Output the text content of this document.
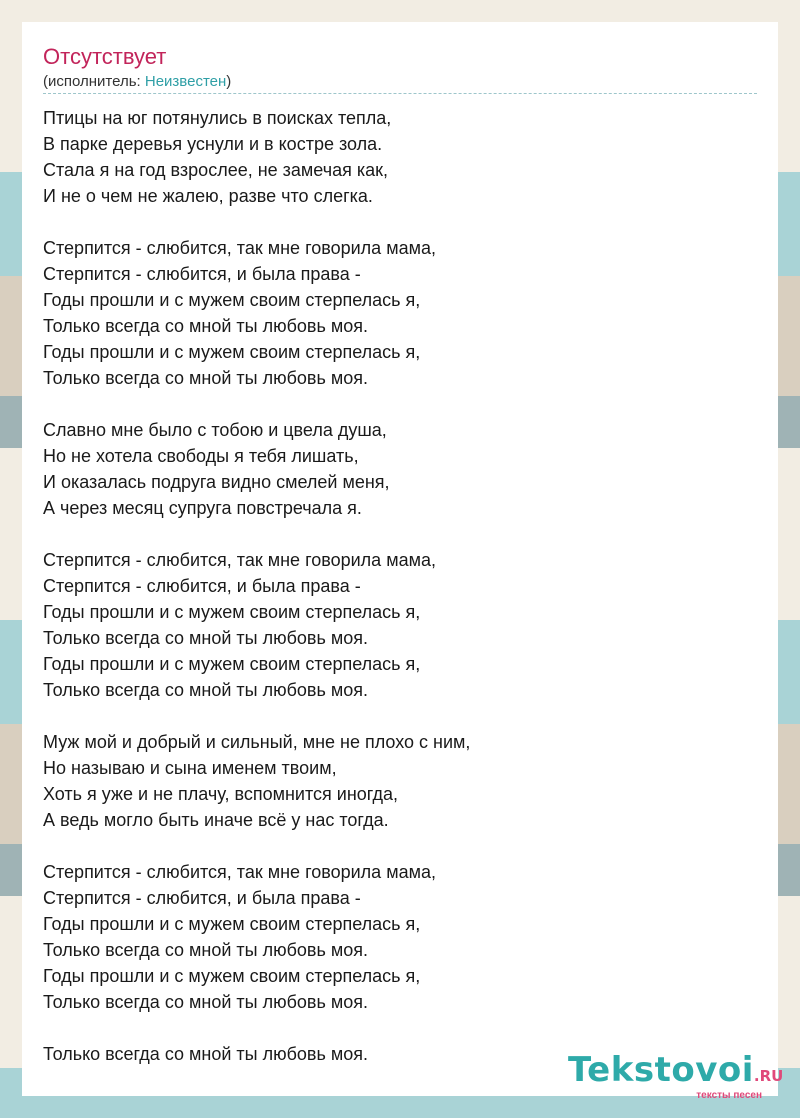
Отсутствует
(исполнитель: Неизвестен)
Птицы на юг потянулись в поисках тепла,
В парке деревья уснули и в костре зола.
Стала я на год взрослее, не замечая как,
И не о чем не жалею, разве что слегка.
Стерпится - слюбится, так мне говорила мама,
Стерпится - слюбится, и была права -
Годы прошли и с мужем своим стерпелась я,
Только всегда со мной ты любовь моя.
Годы прошли и с мужем своим стерпелась я,
Только всегда со мной ты любовь моя.
Славно мне было с тобою и цвела душа,
Но не хотела свободы я тебя лишать,
И оказалась подруга видно смелей меня,
А через месяц супруга повстречала я.
Стерпится - слюбится, так мне говорила мама,
Стерпится - слюбится, и была права -
Годы прошли и с мужем своим стерпелась я,
Только всегда со мной ты любовь моя.
Годы прошли и с мужем своим стерпелась я,
Только всегда со мной ты любовь моя.
Муж мой и добрый и сильный, мне не плохо с ним,
Но называю и сына именем твоим,
Хоть я уже и не плачу, вспомнится иногда,
А ведь могло быть иначе всё у нас тогда.
Стерпится - слюбится, так мне говорила мама,
Стерпится - слюбится, и была права -
Годы прошли и с мужем своим стерпелась я,
Только всегда со мной ты любовь моя.
Годы прошли и с мужем своим стерпелась я,
Только всегда со мной ты любовь моя.
Только всегда со мной ты любовь моя.	Tekstovoi.RU
тексты песен
